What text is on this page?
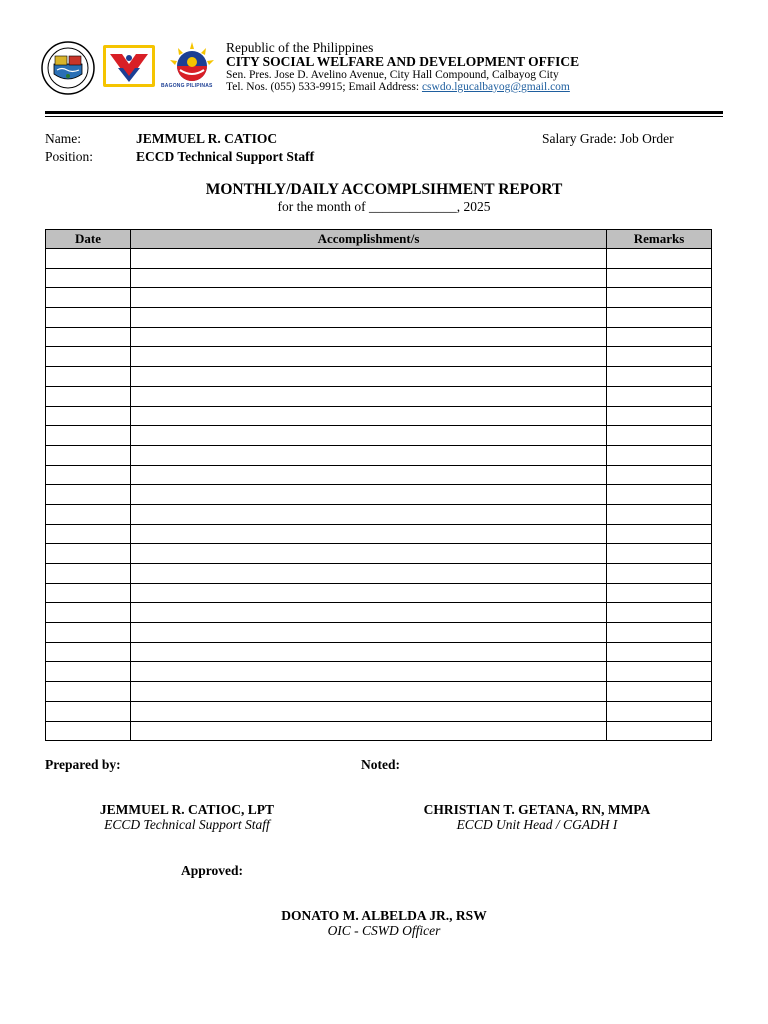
BAGONG PILIPINAS
Republic of the Philippines
CITY SOCIAL WELFARE AND DEVELOPMENT OFFICE
Sen. Pres. Jose D. Avelino Avenue, City Hall Compound, Calbayog City
Tel. Nos. (055) 533-9915; Email Address: cswdo.lgucalbayog@gmail.com
Name:	JEMMUEL R. CATIOC	Salary Grade: Job Order
Position:	ECCD Technical Support Staff
MONTHLY/DAILY ACCOMPLSIHMENT REPORT
for the month of _____________, 2025
Date	Accomplishment/s	Remarks

Prepared by:	Noted:
JEMMUEL R. CATIOC, LPT
ECCD Technical Support Staff
CHRISTIAN T. GETANA, RN, MMPA
ECCD Unit Head / CGADH I
Approved:
DONATO M. ALBELDA JR., RSW
OIC - CSWD Officer
